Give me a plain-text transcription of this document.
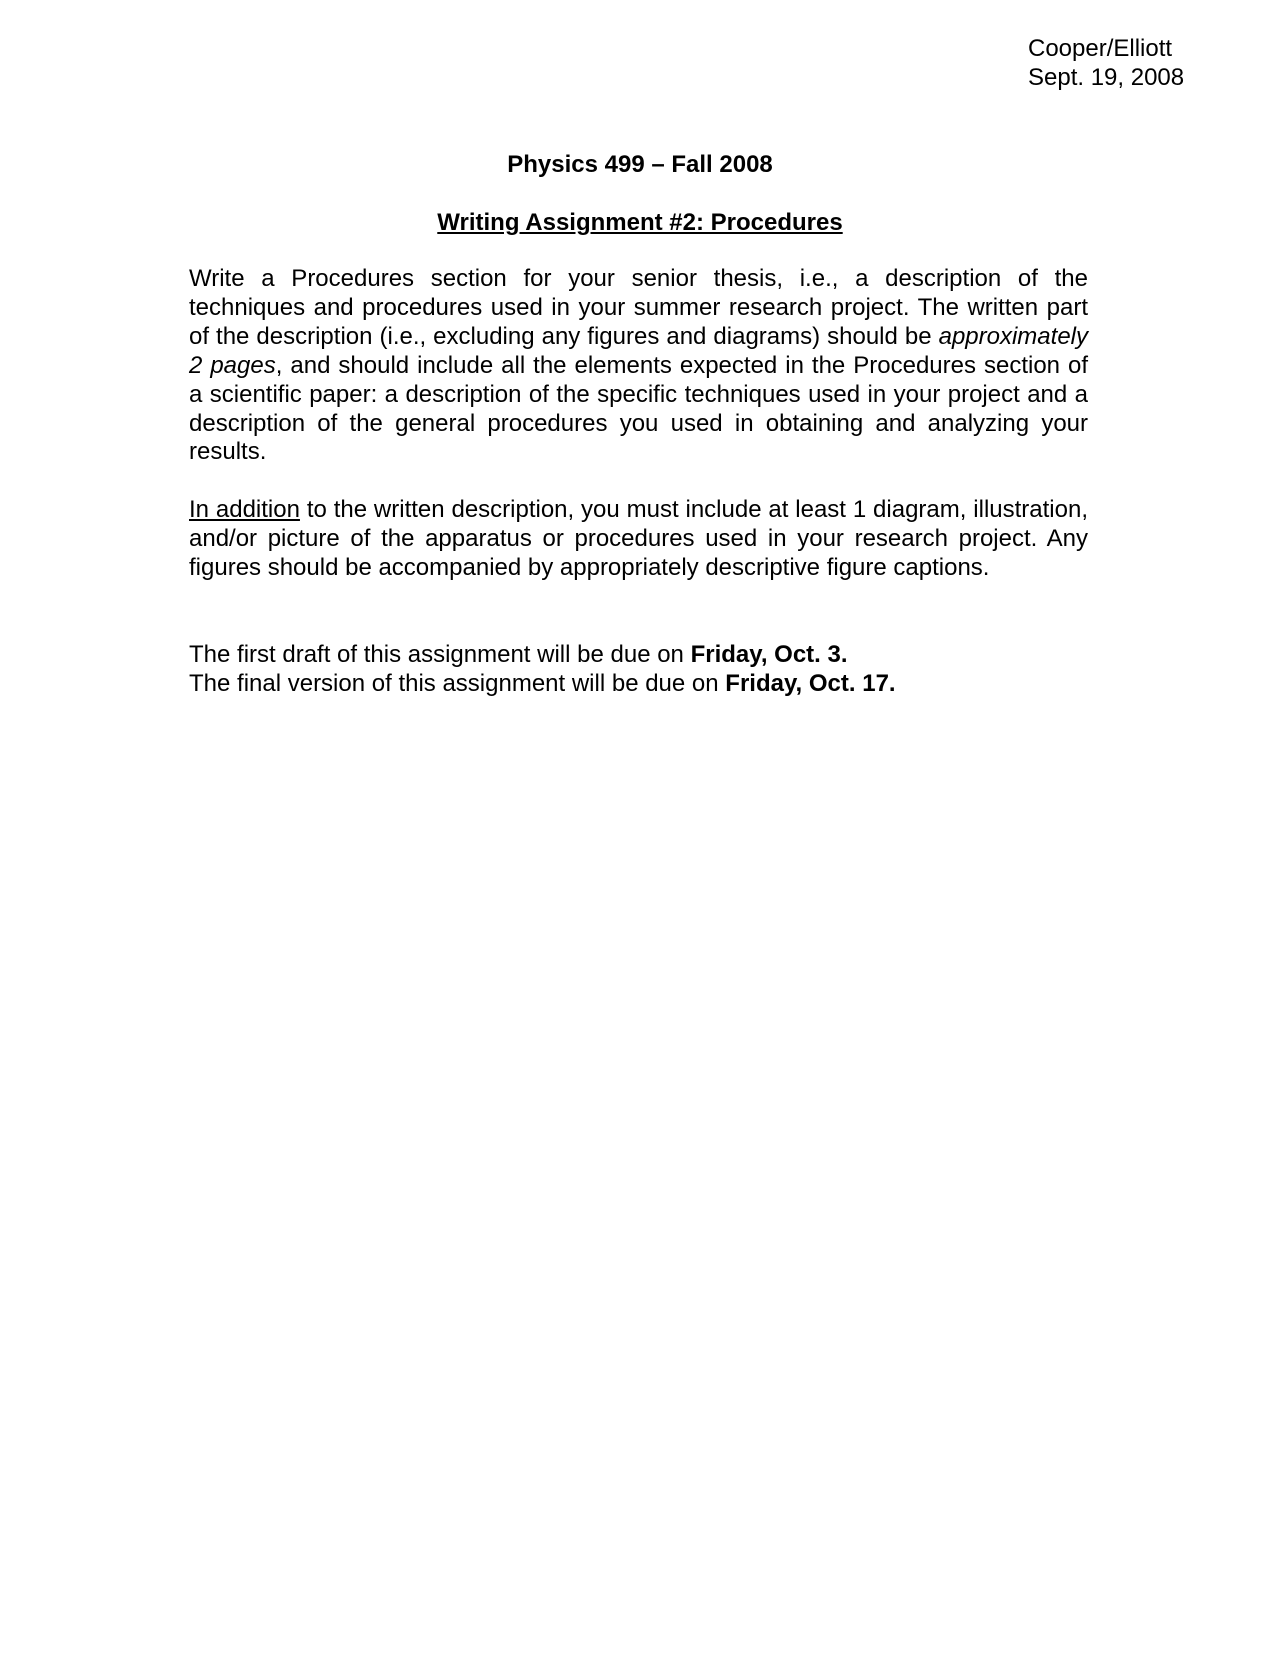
Cooper/Elliott
Sept. 19, 2008
Physics 499 – Fall 2008
Writing Assignment #2: Procedures

Write a Procedures section for your senior thesis, i.e., a description of the techniques and procedures used in your summer research project. The written part of the description (i.e., excluding any figures and diagrams) should be approximately 2 pages, and should include all the elements expected in the Procedures section of a scientific paper: a description of the specific techniques used in your project and a description of the general procedures you used in obtaining and analyzing your results.

In addition to the written description, you must include at least 1 diagram, illustration, and/or picture of the apparatus or procedures used in your research project. Any figures should be accompanied by appropriately descriptive figure captions.

The first draft of this assignment will be due on Friday, Oct. 3.
The final version of this assignment will be due on Friday, Oct. 17.
